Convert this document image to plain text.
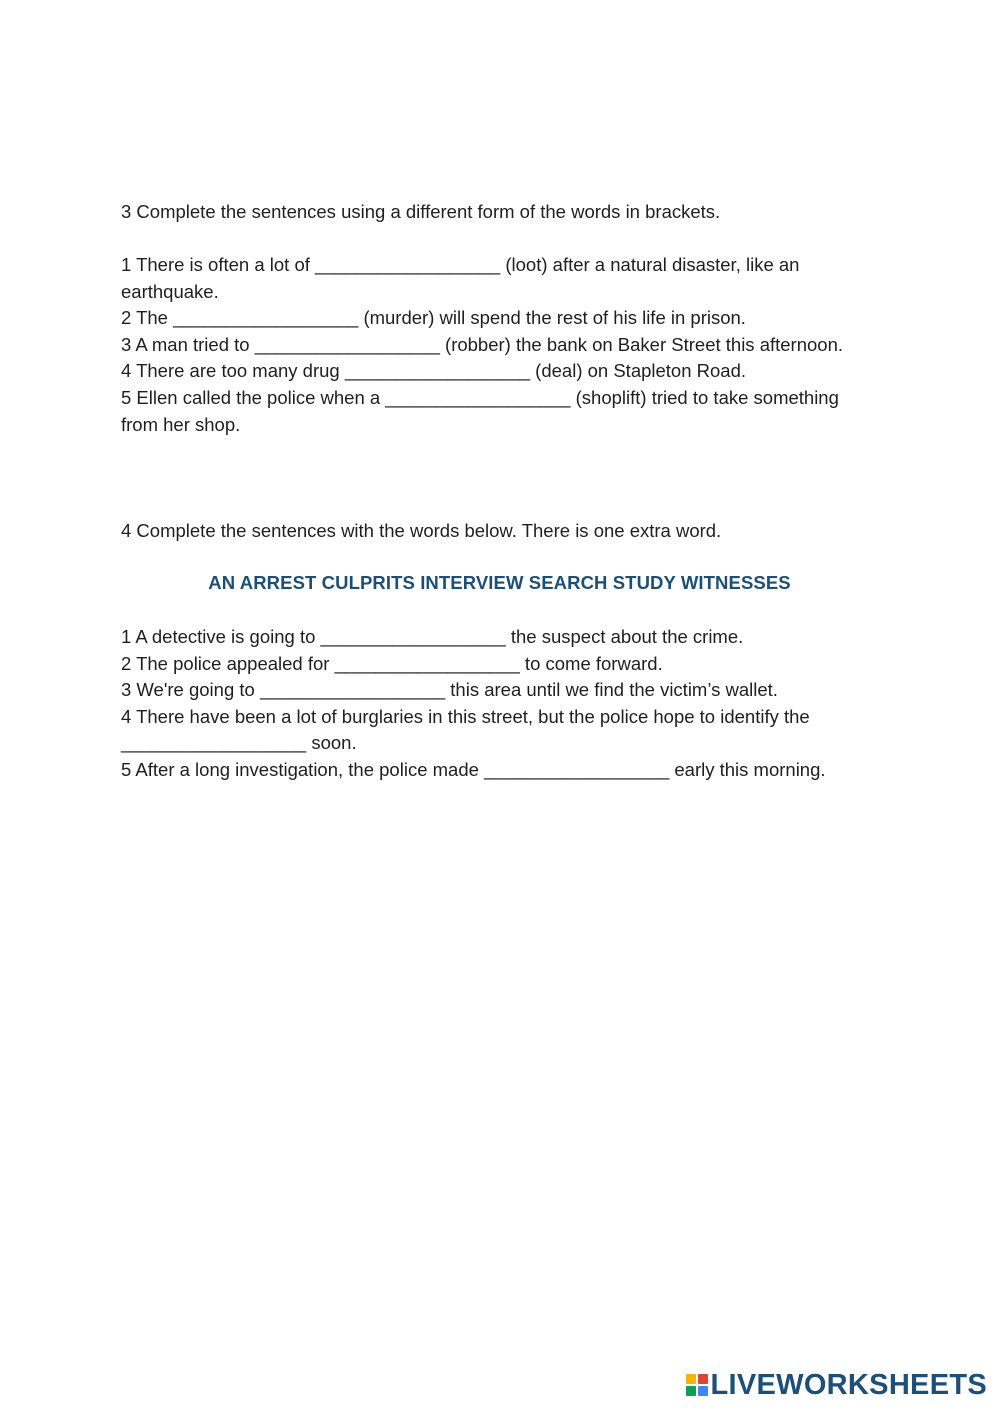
3 Complete the sentences using a different form of the words in brackets.

1 There is often a lot of __________________ (loot) after a natural disaster, like an earthquake.

2 The __________________ (murder) will spend the rest of his life in prison.

3 A man tried to __________________ (robber) the bank on Baker Street this afternoon.

4 There are too many drug __________________ (deal) on Stapleton Road.

5 Ellen called the police when a __________________ (shoplift) tried to take something from her shop.

4 Complete the sentences with the words below. There is one extra word.

AN ARREST CULPRITS INTERVIEW SEARCH STUDY WITNESSES

1 A detective is going to __________________ the suspect about the crime.

2 The police appealed for __________________ to come forward.

3 We're going to __________________ this area until we find the victim’s wallet.

4 There have been a lot of burglaries in this street, but the police hope to identify the __________________ soon.

5 After a long investigation, the police made __________________ early this morning.

LIVEWORKSHEETS
